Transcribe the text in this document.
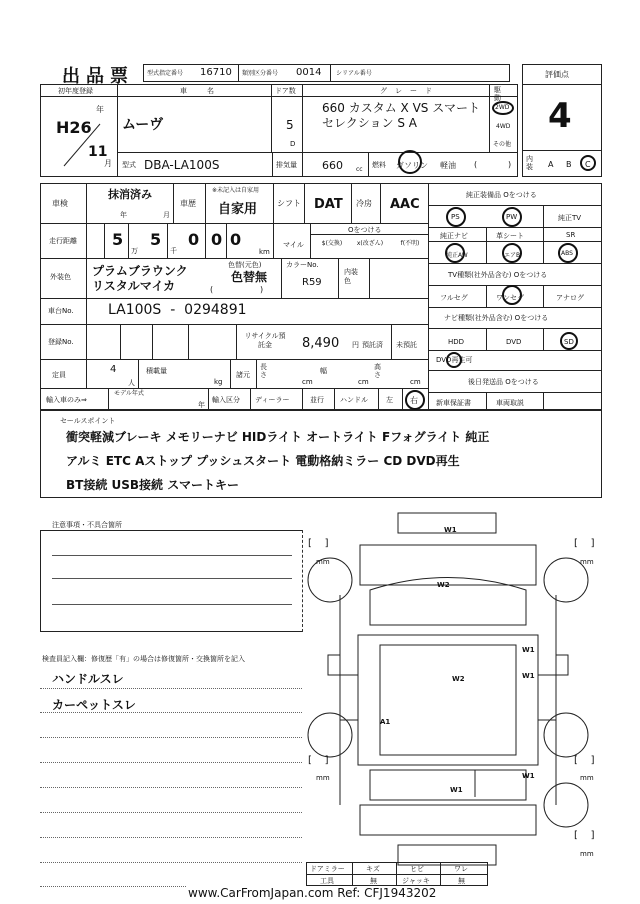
出品票 型式指定番号 16710 類別区分番号 0014 シリアル番号	評価点
4
内装	A B C
初年度登録
H26
年
11
月
車名
ムーヴ
ドア数
5
D
グレード
660 カスタム X VS スマートセレクション S A
駆動
2WD
4WD
その他
型式 DBA-LA100S	排気量 660 cc
燃料 ガソリン 軽油 (	)
車検
抹消済み
年	月
車歴
※未記入は自家用
自家用 シフト DAT 冷房 AAC
走行距離 5
万
5
千
0 0 0
km
マイル
Oをつける
$(交換)	x(改ざん)	f(不明)
外装色 プラムブラウンクリスタルマイカ
色替(元色)
色替無
(	)
カラーNo.
R59
内装色
車台No. LA100S  -  0294891
登録No.
リサイクル預託金	8,490 円 預託済 未預託
定員	4
人
積載量
kg
諸元
長さ
cm
幅
cm
高さ
cm
輸入車のみ⇒
モデル年式
年
輸入区分 ディーラー	並行 ハンドル	左 右
純正装備品 Oをつける
PS	PW	純正TV
純正ナビ	革シート	SR
純正AW	エアB	ABS
TV種類(社外品含む) Oをつける
フルセグ	ワンセグ	アナログ
ナビ種類(社外品含む) Oをつける
HDD	DVD	SD
DVD再生可
後日発送品 Oをつける
新車保証書	車両取説
セールスポイント
衝突軽減ブレーキ メモリーナビ HIDライト オートライト Fフォグライト 純正
アルミ ETC Aストップ プッシュスタート 電動格納ミラー CD DVD再生
BT接続 USB接続 スマートキー
注意事項・不具合箇所
検査員記入欄：修復歴「有」の場合は修復箇所・交換箇所を記入
ハンドルスレ
カーペットスレ
W1
W2
W1
W1
W2
A1
W1
W1
[    ]
mm
[    ]
mm
[    ]
mm
[    ]
mm
[    ]
mm
ドアミラー	キズ	ヒビ	ワレ
工具	無	ジャッキ	無
www.CarFromJapan.com Ref: CFJ1943202
